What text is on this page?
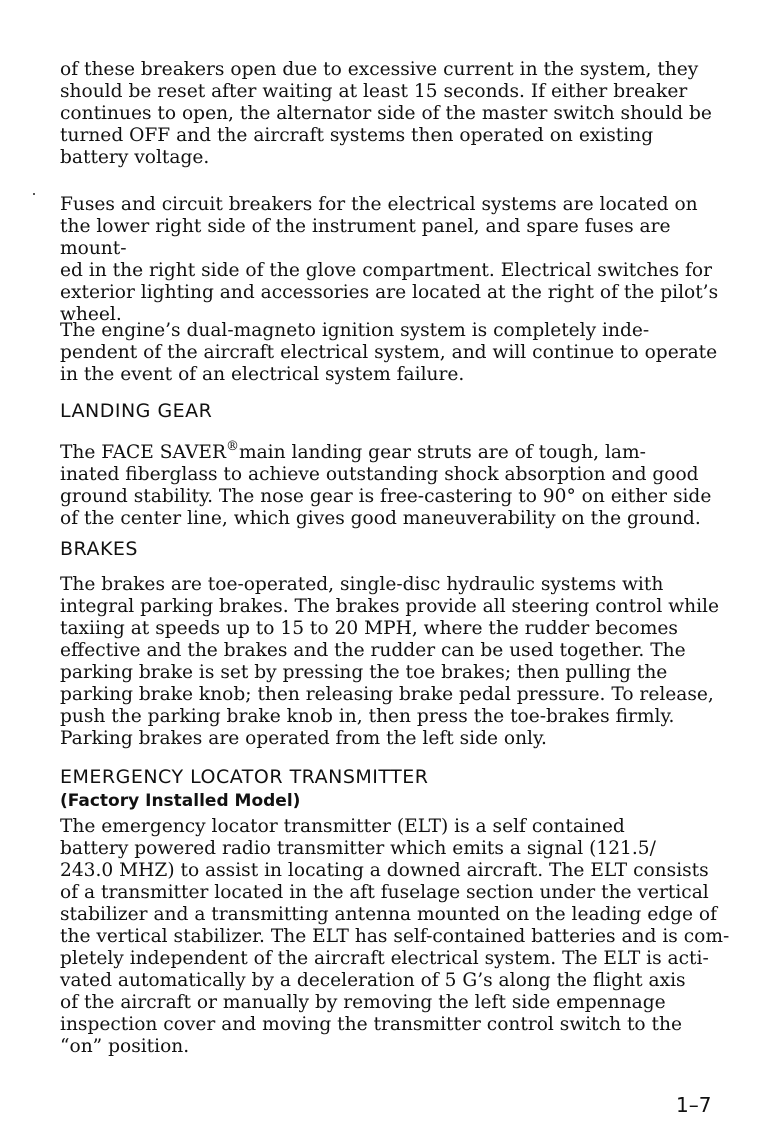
of these breakers open due to excessive current in the system, they
should be reset after waiting at least 15 seconds. If either breaker
continues to open, the alternator side of the master switch should be
turned OFF and the aircraft systems then operated on existing
battery voltage.

Fuses and circuit breakers for the electrical systems are located on
the lower right side of the instrument panel, and spare fuses are mount-
ed in the right side of the glove compartment. Electrical switches for
exterior lighting and accessories are located at the right of the pilot’s
wheel.

The engine’s dual-magneto ignition system is completely inde-
pendent of the aircraft electrical system, and will continue to operate
in the event of an electrical system failure.

LANDING GEAR

The FACE SAVER®main landing gear struts are of tough, lam-
inated fiberglass to achieve outstanding shock absorption and good
ground stability. The nose gear is free-castering to 90° on either side
of the center line, which gives good maneuverability on the ground.

BRAKES

The brakes are toe-operated, single-disc hydraulic systems with
integral parking brakes. The brakes provide all steering control while
taxiing at speeds up to 15 to 20 MPH, where the rudder becomes
effective and the brakes and the rudder can be used together. The
parking brake is set by pressing the toe brakes; then pulling the
parking brake knob; then releasing brake pedal pressure. To release,
push the parking brake knob in, then press the toe-brakes firmly.
Parking brakes are operated from the left side only.

EMERGENCY LOCATOR TRANSMITTER
(Factory Installed Model)

The emergency locator transmitter (ELT) is a self contained
battery powered radio transmitter which emits a signal (121.5/
243.0 MHZ) to assist in locating a downed aircraft. The ELT consists
of a transmitter located in the aft fuselage section under the vertical
stabilizer and a transmitting antenna mounted on the leading edge of
the vertical stabilizer. The ELT has self-contained batteries and is com-
pletely independent of the aircraft electrical system. The ELT is acti-
vated automatically by a deceleration of 5 G’s along the flight axis
of the aircraft or manually by removing the left side empennage
inspection cover and moving the transmitter control switch to the
“on” position.

1–7
